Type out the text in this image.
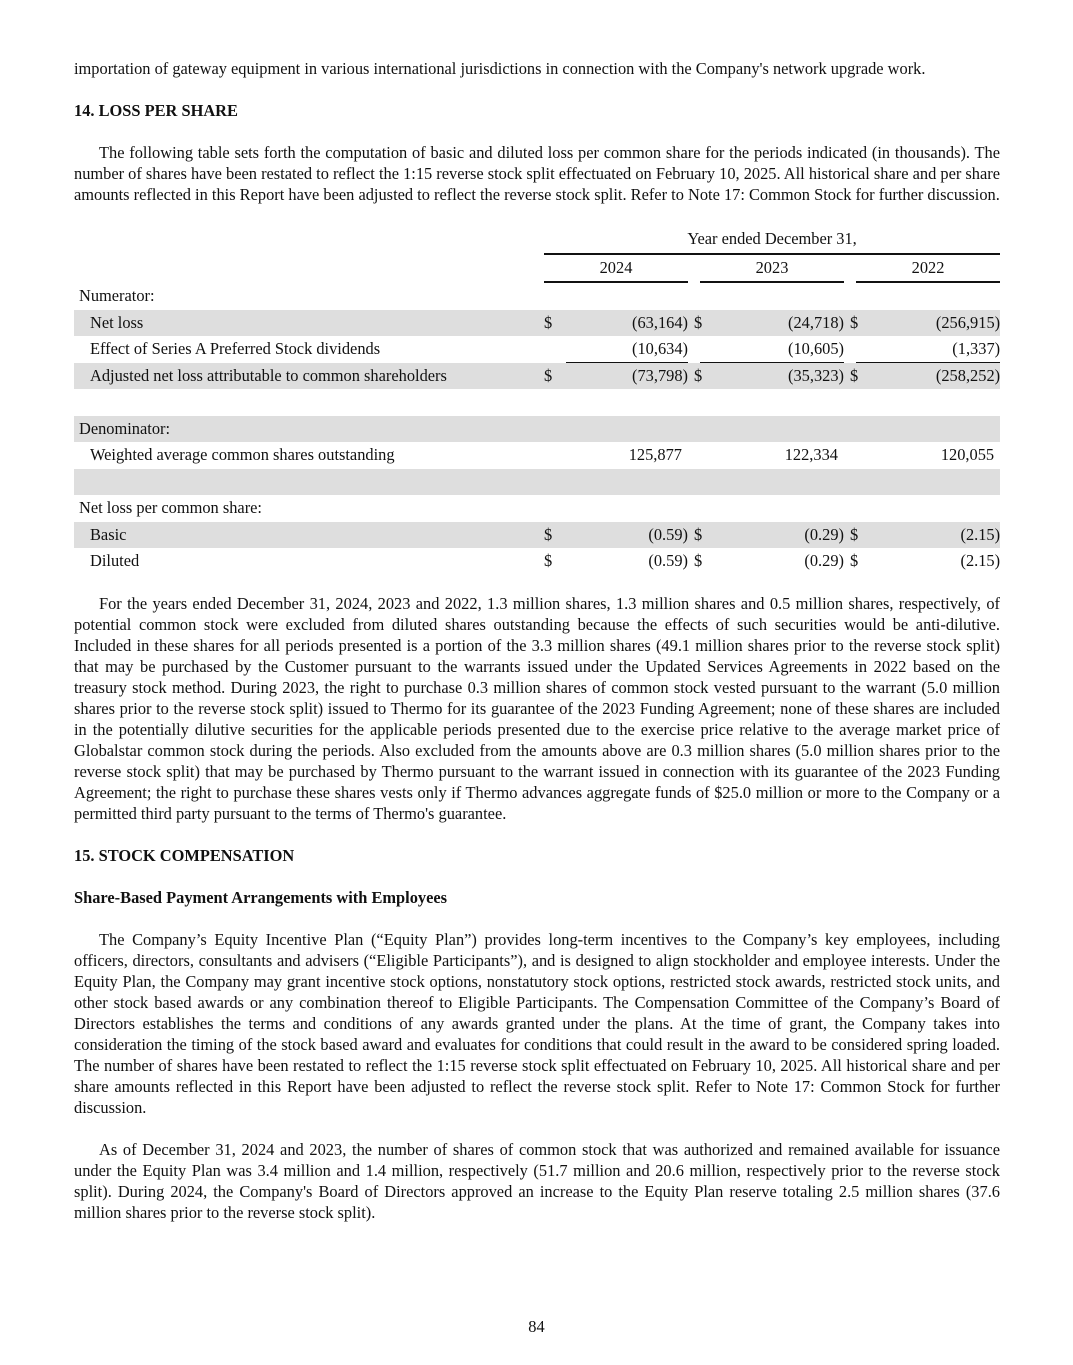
importation of gateway equipment in various international jurisdictions in connection with the Company's network upgrade work.

14. LOSS PER SHARE

The following table sets forth the computation of basic and diluted loss per common share for the periods indicated (in thousands). The number of shares have been restated to reflect the 1:15 reverse stock split effectuated on February 10, 2025. All historical share and per share amounts reflected in this Report have been adjusted to reflect the reverse stock split. Refer to Note 17: Common Stock for further discussion.

	Year ended December 31,							
	2024			2023			2022	
Numerator:								
Net loss	$	(63,164)	$		(24,718)	$		(256,915)
Effect of Series A Preferred Stock dividends		(10,634)			(10,605)			(1,337)

Adjusted net loss attributable to common shareholders	$	(73,798)	$		(35,323)	$		(258,252)

Denominator:								
Weighted average common shares outstanding		125,877			122,334			120,055

Net loss per common share:								
Basic	$	(0.59)	$		(0.29)	$		(2.15)
Diluted	$	(0.59)	$		(0.29)	$		(2.15)

For the years ended December 31, 2024, 2023 and 2022, 1.3 million shares, 1.3 million shares and 0.5 million shares, respectively, of potential common stock were excluded from diluted shares outstanding because the effects of such securities would be anti-dilutive. Included in these shares for all periods presented is a portion of the 3.3 million shares (49.1 million shares prior to the reverse stock split) that may be purchased by the Customer pursuant to the warrants issued under the Updated Services Agreements in 2022 based on the treasury stock method. During 2023, the right to purchase 0.3 million shares of common stock vested pursuant to the warrant (5.0 million shares prior to the reverse stock split) issued to Thermo for its guarantee of the 2023 Funding Agreement; none of these shares are included in the potentially dilutive securities for the applicable periods presented due to the exercise price relative to the average market price of Globalstar common stock during the periods. Also excluded from the amounts above are 0.3 million shares (5.0 million shares prior to the reverse stock split) that may be purchased by Thermo pursuant to the warrant issued in connection with its guarantee of the 2023 Funding Agreement; the right to purchase these shares vests only if Thermo advances aggregate funds of $25.0 million or more to the Company or a permitted third party pursuant to the terms of Thermo's guarantee.

15. STOCK COMPENSATION
Share-Based Payment Arrangements with Employees

The Company’s Equity Incentive Plan (“Equity Plan”) provides long-term incentives to the Company’s key employees, including officers, directors, consultants and advisers (“Eligible Participants”), and is designed to align stockholder and employee interests. Under the Equity Plan, the Company may grant incentive stock options, nonstatutory stock options, restricted stock awards, restricted stock units, and other stock based awards or any combination thereof to Eligible Participants. The Compensation Committee of the Company’s Board of Directors establishes the terms and conditions of any awards granted under the plans. At the time of grant, the Company takes into consideration the timing of the stock based award and evaluates for conditions that could result in the award to be considered spring loaded. The number of shares have been restated to reflect the 1:15 reverse stock split effectuated on February 10, 2025. All historical share and per share amounts reflected in this Report have been adjusted to reflect the reverse stock split. Refer to Note 17: Common Stock for further discussion.

As of December 31, 2024 and 2023, the number of shares of common stock that was authorized and remained available for issuance under the Equity Plan was 3.4 million and 1.4 million, respectively (51.7 million and 20.6 million, respectively prior to the reverse stock split). During 2024, the Company's Board of Directors approved an increase to the Equity Plan reserve totaling 2.5 million shares (37.6 million shares prior to the reverse stock split).

84
